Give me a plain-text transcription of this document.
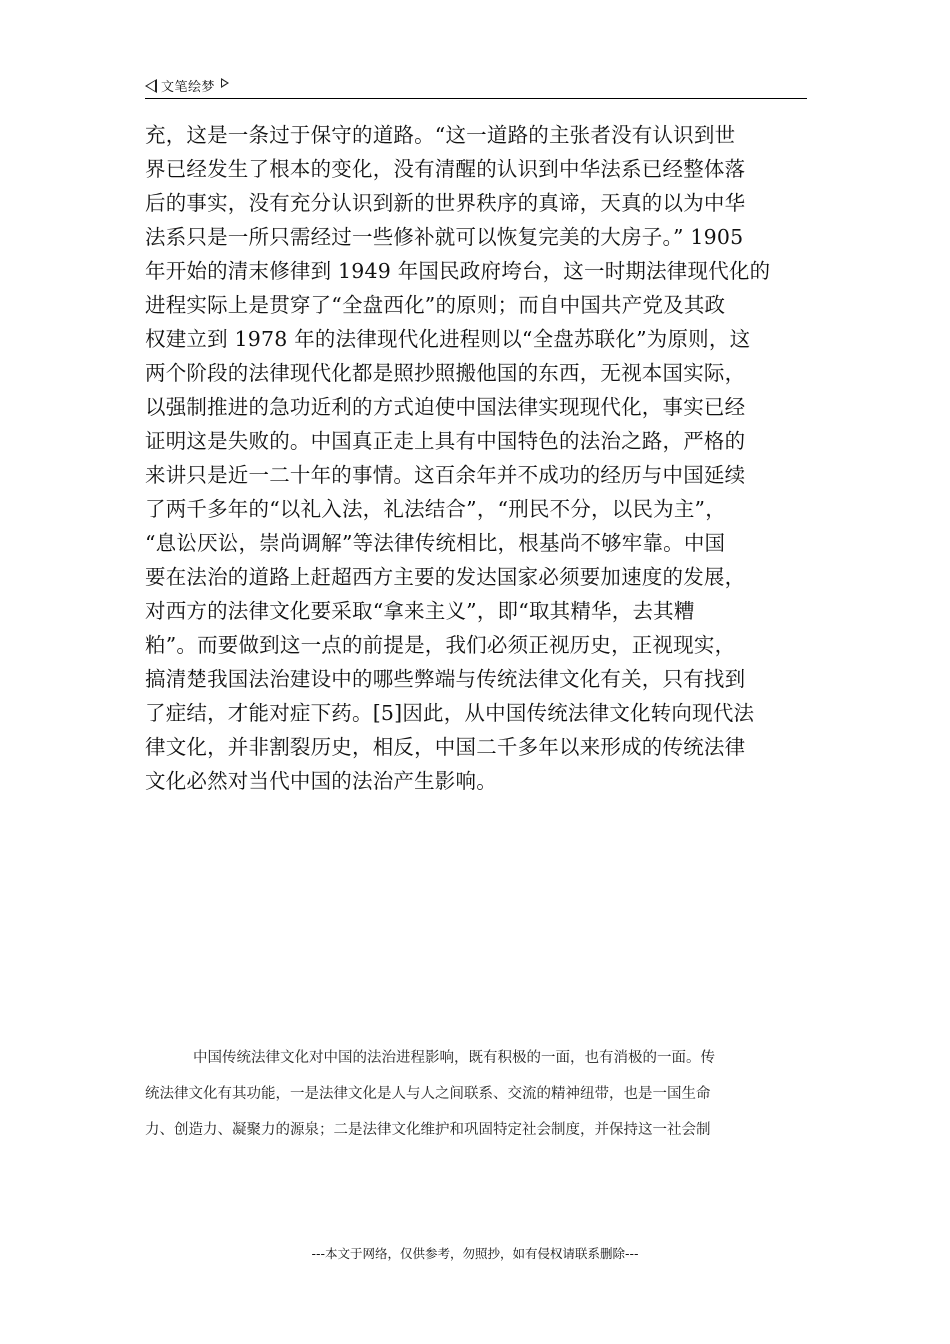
文笔绘梦
充，这是一条过于保守的道路。“这一道路的主张者没有认识到世
界已经发生了根本的变化，没有清醒的认识到中华法系已经整体落
后的事实，没有充分认识到新的世界秩序的真谛，天真的以为中华
法系只是一所只需经过一些修补就可以恢复完美的大房子。” 1905
年开始的清末修律到 1949 年国民政府垮台，这一时期法律现代化的
进程实际上是贯穿了“全盘西化”的原则；而自中国共产党及其政
权建立到 1978 年的法律现代化进程则以“全盘苏联化”为原则，这
两个阶段的法律现代化都是照抄照搬他国的东西，无视本国实际，
以强制推进的急功近利的方式迫使中国法律实现现代化，事实已经
证明这是失败的。中国真正走上具有中国特色的法治之路，严格的
来讲只是近一二十年的事情。这百余年并不成功的经历与中国延续
了两千多年的“以礼入法，礼法结合”，“刑民不分，以民为主”，
“息讼厌讼，崇尚调解”等法律传统相比，根基尚不够牢靠。中国
要在法治的道路上赶超西方主要的发达国家必须要加速度的发展，
对西方的法律文化要采取“拿来主义”，即“取其精华，去其糟
粕”。而要做到这一点的前提是，我们必须正视历史，正视现实，
搞清楚我国法治建设中的哪些弊端与传统法律文化有关，只有找到
了症结，才能对症下药。[5]因此，从中国传统法律文化转向现代法
律文化，并非割裂历史，相反，中国二千多年以来形成的传统法律
文化必然对当代中国的法治产生影响。
中国传统法律文化对中国的法治进程影响，既有积极的一面，也有消极的一面。传
统法律文化有其功能，一是法律文化是人与人之间联系、交流的精神纽带，也是一国生命
力、创造力、凝聚力的源泉；二是法律文化维护和巩固特定社会制度，并保持这一社会制
---本文于网络，仅供参考，勿照抄，如有侵权请联系删除---
